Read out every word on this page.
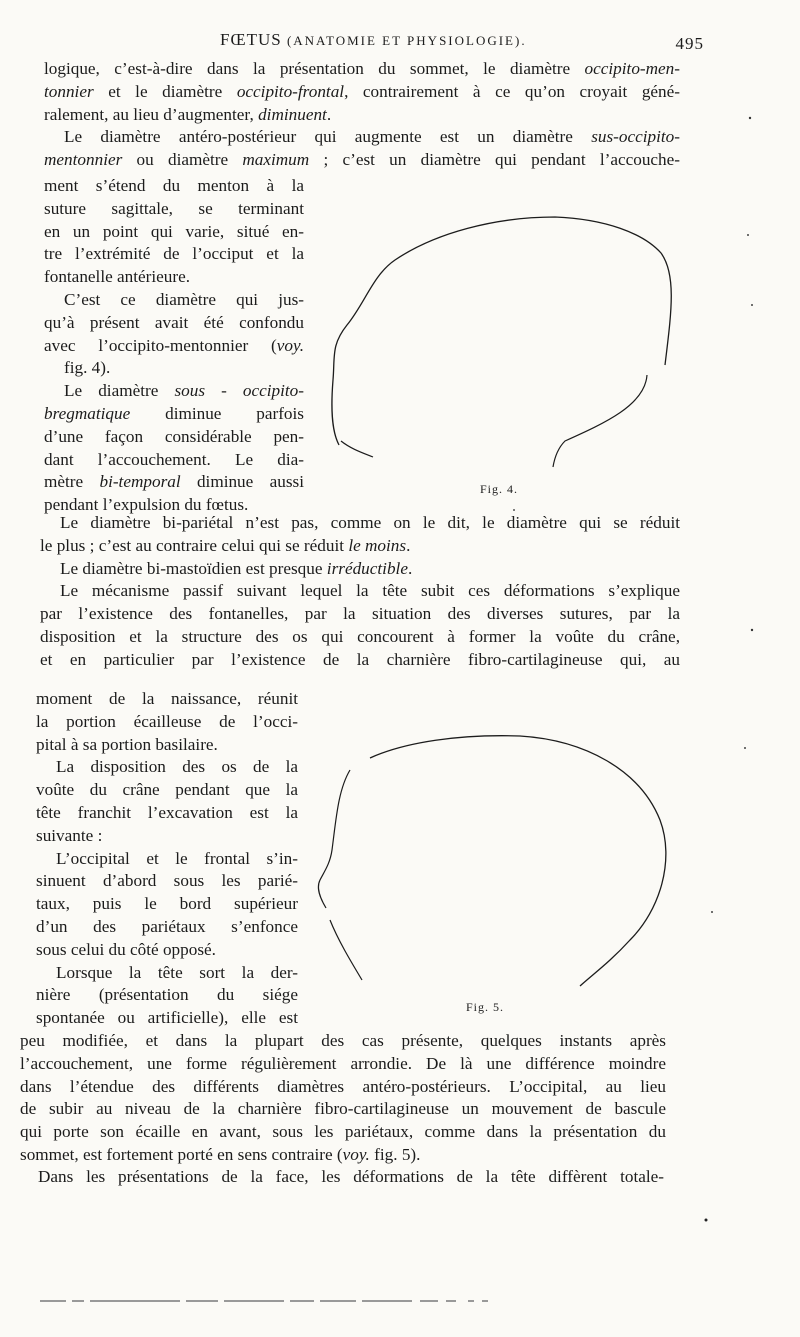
FŒTUS (ANATOMIE ET PHYSIOLOGIE).	495
logique, c’est-à-dire dans la présentation du sommet, le diamètre occipito-men-
tonnier et le diamètre occipito-frontal, contrairement à ce qu’on croyait géné-
ralement, au lieu d’augmenter, diminuent.
Le diamètre antéro-postérieur qui augmente est un diamètre sus-occipito-
mentonnier ou diamètre maximum ; c’est un diamètre qui pendant l’accouche-
ment s’étend du menton à la
suture sagittale, se terminant
en un point qui varie, situé en-
tre l’extrémité de l’occiput et la
fontanelle antérieure.
C’est ce diamètre qui jus-
qu’à présent avait été confondu
avec l’occipito-mentonnier (voy.
fig. 4).
Le diamètre sous - occipito-
bregmatique diminue parfois
d’une façon considérable pen-
dant l’accouchement. Le dia-
mètre bi-temporal diminue aussi
pendant l’expulsion du fœtus.
Fig. 4.
Le diamètre bi-pariétal n’est pas, comme on le dit, le diamètre qui se réduit
le plus ; c’est au contraire celui qui se réduit le moins.
Le diamètre bi-mastoïdien est presque irréductible.
Le mécanisme passif suivant lequel la tête subit ces déformations s’explique
par l’existence des fontanelles, par la situation des diverses sutures, par la
disposition et la structure des os qui concourent à former la voûte du crâne,
et en particulier par l’existence de la charnière fibro-cartilagineuse qui, au
moment de la naissance, réunit
la portion écailleuse de l’occi-
pital à sa portion basilaire.
La disposition des os de la
voûte du crâne pendant que la
tête franchit l’excavation est la
suivante :
L’occipital et le frontal s’in-
sinuent d’abord sous les parié-
taux, puis le bord supérieur
d’un des pariétaux s’enfonce
sous celui du côté opposé.
Lorsque la tête sort la der-
nière (présentation du siége
spontanée ou artificielle), elle est
Fig. 5.
peu modifiée, et dans la plupart des cas présente, quelques instants après
l’accouchement, une forme régulièrement arrondie. De là une différence moindre
dans l’étendue des différents diamètres antéro-postérieurs. L’occipital, au lieu
de subir au niveau de la charnière fibro-cartilagineuse un mouvement de bascule
qui porte son écaille en avant, sous les pariétaux, comme dans la présentation du
sommet, est fortement porté en sens contraire (voy. fig. 5).
Dans les présentations de la face, les déformations de la tête diffèrent totale-
